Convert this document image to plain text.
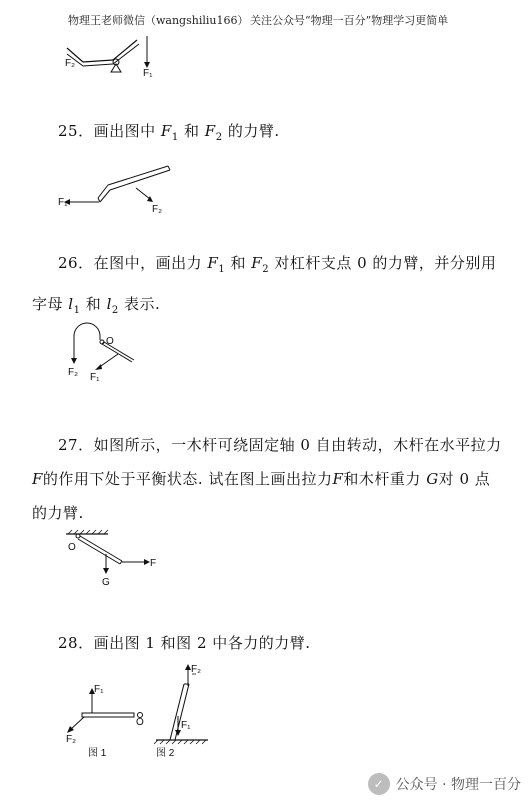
物理王老师微信（wangshiliu166） 关注公众号“物理一百分”物理学习更简单
F₂
F₁
25．画出图中 $F_1$ 和 $F_2$ 的力臂.
F₁
F₂
26．在图中，画出力 $F_1$ 和 $F_2$ 对杠杆支点 0 的力臂，并分别用
字母 $l_1$ 和 $l_2$ 表示.
O
F₂ F₁
27．如图所示，一木杆可绕固定轴 0 自由转动，木杆在水平拉力
F的作用下处于平衡状态. 试在图上画出拉力F和木杆重力 G对 0 点
的力臂.
O
F
G
28．画出图 1 和图 2 中各力的力臂.
F₁
F₂
O
图 1
F₂
F₁
图 2
✓ 公众号 · 物理一百分
